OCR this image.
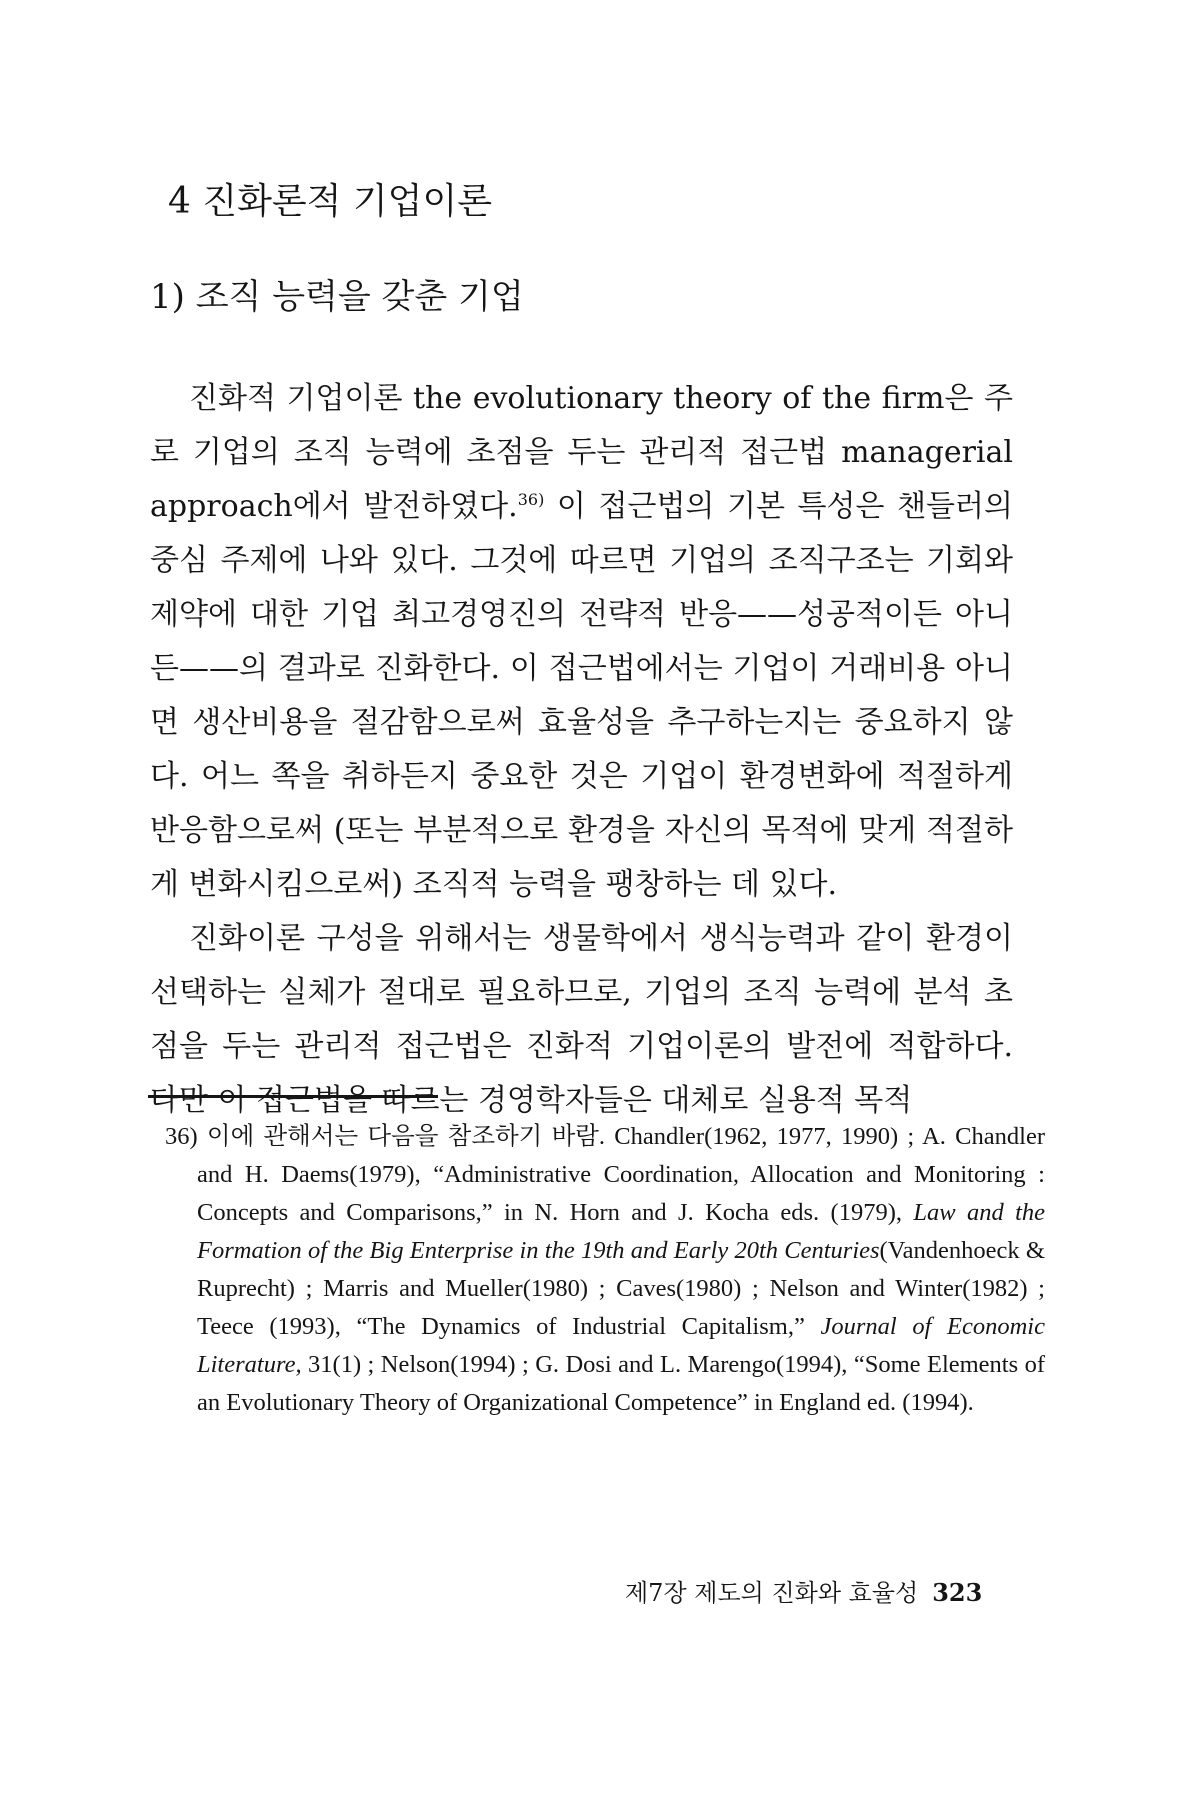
4 진화론적 기업이론
1) 조직 능력을 갖춘 기업

진화적 기업이론 the evolutionary theory of the firm은 주로 기업의 조직 능력에 초점을 두는 관리적 접근법 managerial approach에서 발전하였다.$^{36)}$ 이 접근법의 기본 특성은 챈들러의 중심 주제에 나와 있다. 그것에 따르면 기업의 조직구조는 기회와 제약에 대한 기업 최고경영진의 전략적 반응——성공적이든 아니든——의 결과로 진화한다. 이 접근법에서는 기업이 거래비용 아니면 생산비용을 절감함으로써 효율성을 추구하는지는 중요하지 않다. 어느 쪽을 취하든지 중요한 것은 기업이 환경변화에 적절하게 반응함으로써 (또는 부분적으로 환경을 자신의 목적에 맞게 적절하게 변화시킴으로써) 조직적 능력을 팽창하는 데 있다.

진화이론 구성을 위해서는 생물학에서 생식능력과 같이 환경이 선택하는 실체가 절대로 필요하므로, 기업의 조직 능력에 분석 초점을 두는 관리적 접근법은 진화적 기업이론의 발전에 적합하다. 다만 이 접근법을 따르는 경영학자들은 대체로 실용적 목적

36) 이에 관해서는 다음을 참조하기 바람. Chandler(1962, 1977, 1990) ; A. Chandler and H. Daems(1979), “Administrative Coordination, Allocation and Monitoring : Concepts and Comparisons,” in N. Horn and J. Kocha eds. (1979), Law and the Formation of the Big Enterprise in the 19th and Early 20th Centuries(Vandenhoeck & Ruprecht) ; Marris and Mueller(1980) ; Caves(1980) ; Nelson and Winter(1982) ; Teece (1993), “The Dynamics of Industrial Capitalism,” Journal of Economic Literature, 31(1) ; Nelson(1994) ; G. Dosi and L. Marengo(1994), “Some Elements of an Evolutionary Theory of Organizational Competence” in England ed. (1994).

제7장 제도의 진화와 효율성 323
